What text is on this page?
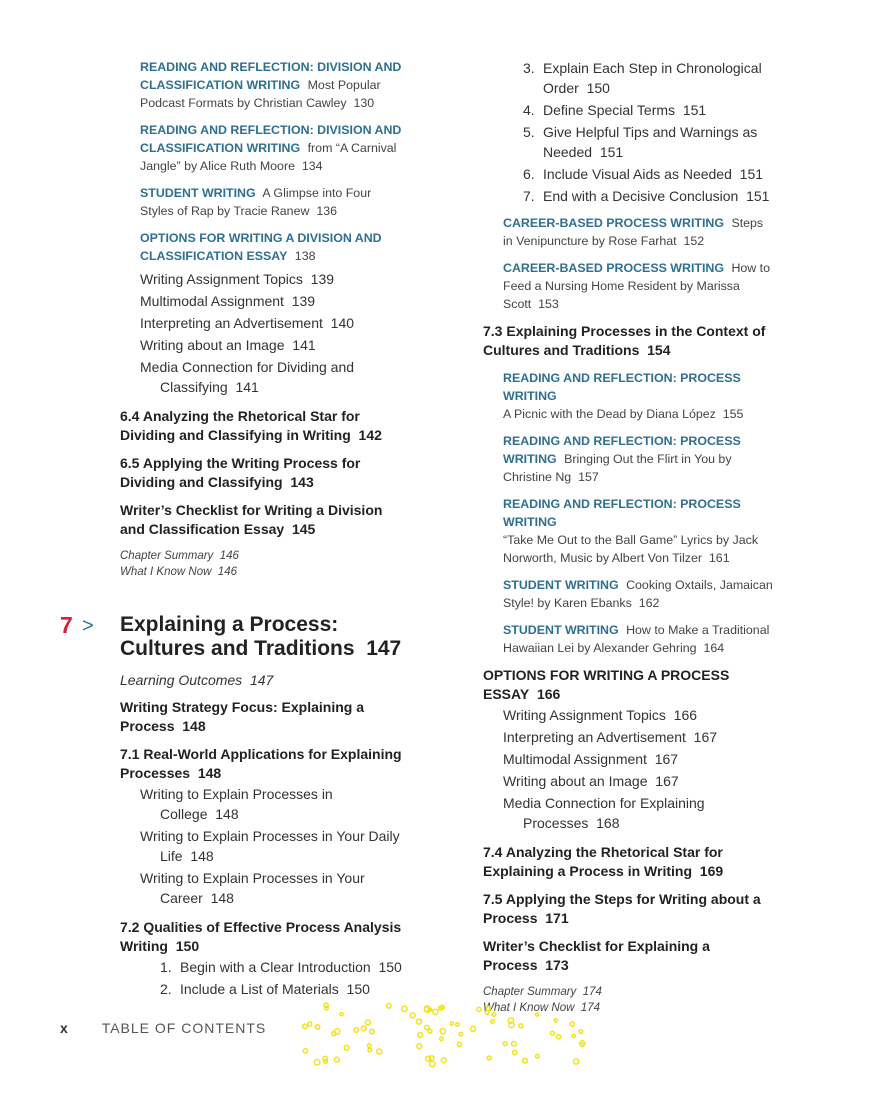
READING AND REFLECTION: DIVISION AND
CLASSIFICATION WRITING Most Popular Podcast Formats by Christian Cawley 130
READING AND REFLECTION: DIVISION AND
CLASSIFICATION WRITING from “A Carnival Jangle” by Alice Ruth Moore 134
STUDENT WRITING A Glimpse into Four Styles of Rap by Tracie Ranew 136
OPTIONS FOR WRITING A DIVISION AND
CLASSIFICATION ESSAY 138
Writing Assignment Topics 139
Multimodal Assignment 139
Interpreting an Advertisement 140
Writing about an Image 141
Media Connection for Dividing and Classifying 141
6.4 Analyzing the Rhetorical Star for Dividing and Classifying in Writing 142
6.5 Applying the Writing Process for Dividing and Classifying 143
Writer’s Checklist for Writing a Division and Classification Essay 145
Chapter Summary 146
What I Know Now 146
7 > Explaining a Process: Cultures and Traditions 147
Learning Outcomes 147
Writing Strategy Focus: Explaining a Process 148
7.1 Real-World Applications for Explaining Processes 148
Writing to Explain Processes in College 148
Writing to Explain Processes in Your Daily Life 148
Writing to Explain Processes in Your Career 148
7.2 Qualities of Effective Process Analysis Writing 150
1. Begin with a Clear Introduction 150
2. Include a List of Materials 150
3. Explain Each Step in Chronological Order 150
4. Define Special Terms 151
5. Give Helpful Tips and Warnings as Needed 151
6. Include Visual Aids as Needed 151
7. End with a Decisive Conclusion 151
CAREER-BASED PROCESS WRITING Steps in Venipuncture by Rose Farhat 152
CAREER-BASED PROCESS WRITING How to Feed a Nursing Home Resident by Marissa Scott 153
7.3 Explaining Processes in the Context of Cultures and Traditions 154
READING AND REFLECTION: PROCESS WRITING
A Picnic with the Dead by Diana López 155
READING AND REFLECTION: PROCESS
WRITING Bringing Out the Flirt in You by Christine Ng 157
READING AND REFLECTION: PROCESS WRITING
“Take Me Out to the Ball Game” Lyrics by Jack Norworth, Music by Albert Von Tilzer 161
STUDENT WRITING Cooking Oxtails, Jamaican Style! by Karen Ebanks 162
STUDENT WRITING How to Make a Traditional Hawaiian Lei by Alexander Gehring 164
OPTIONS FOR WRITING A PROCESS ESSAY 166
Writing Assignment Topics 166
Interpreting an Advertisement 167
Multimodal Assignment 167
Writing about an Image 167
Media Connection for Explaining Processes 168
7.4 Analyzing the Rhetorical Star for Explaining a Process in Writing 169
7.5 Applying the Steps for Writing about a Process 171
Writer’s Checklist for Explaining a Process 173
Chapter Summary 174
What I Know Now 174
x TABLE OF CONTENTS
